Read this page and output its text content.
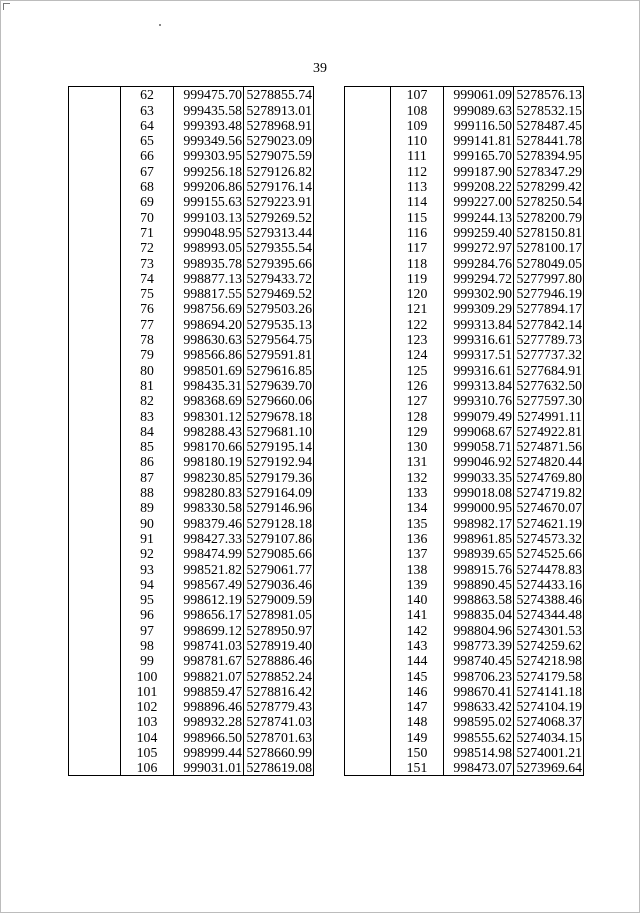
39
	62	999475.70	5278855.74
	63	999435.58	5278913.01
	64	999393.48	5278968.91
	65	999349.56	5279023.09
	66	999303.95	5279075.59
	67	999256.18	5279126.82
	68	999206.86	5279176.14
	69	999155.63	5279223.91
	70	999103.13	5279269.52
	71	999048.95	5279313.44
	72	998993.05	5279355.54
	73	998935.78	5279395.66
	74	998877.13	5279433.72
	75	998817.55	5279469.52
	76	998756.69	5279503.26
	77	998694.20	5279535.13
	78	998630.63	5279564.75
	79	998566.86	5279591.81
	80	998501.69	5279616.85
	81	998435.31	5279639.70
	82	998368.69	5279660.06
	83	998301.12	5279678.18
	84	998288.43	5279681.10
	85	998170.66	5279195.14
	86	998180.19	5279192.94
	87	998230.85	5279179.36
	88	998280.83	5279164.09
	89	998330.58	5279146.96
	90	998379.46	5279128.18
	91	998427.33	5279107.86
	92	998474.99	5279085.66
	93	998521.82	5279061.77
	94	998567.49	5279036.46
	95	998612.19	5279009.59
	96	998656.17	5278981.05
	97	998699.12	5278950.97
	98	998741.03	5278919.40
	99	998781.67	5278886.46
	100	998821.07	5278852.24
	101	998859.47	5278816.42
	102	998896.46	5278779.43
	103	998932.28	5278741.03
	104	998966.50	5278701.63
	105	998999.44	5278660.99
	106	999031.01	5278619.08
	107	999061.09	5278576.13
	108	999089.63	5278532.15
	109	999116.50	5278487.45
	110	999141.81	5278441.78
	111	999165.70	5278394.95
	112	999187.90	5278347.29
	113	999208.22	5278299.42
	114	999227.00	5278250.54
	115	999244.13	5278200.79
	116	999259.40	5278150.81
	117	999272.97	5278100.17
	118	999284.76	5278049.05
	119	999294.72	5277997.80
	120	999302.90	5277946.19
	121	999309.29	5277894.17
	122	999313.84	5277842.14
	123	999316.61	5277789.73
	124	999317.51	5277737.32
	125	999316.61	5277684.91
	126	999313.84	5277632.50
	127	999310.76	5277597.30
	128	999079.49	5274991.11
	129	999068.67	5274922.81
	130	999058.71	5274871.56
	131	999046.92	5274820.44
	132	999033.35	5274769.80
	133	999018.08	5274719.82
	134	999000.95	5274670.07
	135	998982.17	5274621.19
	136	998961.85	5274573.32
	137	998939.65	5274525.66
	138	998915.76	5274478.83
	139	998890.45	5274433.16
	140	998863.58	5274388.46
	141	998835.04	5274344.48
	142	998804.96	5274301.53
	143	998773.39	5274259.62
	144	998740.45	5274218.98
	145	998706.23	5274179.58
	146	998670.41	5274141.18
	147	998633.42	5274104.19
	148	998595.02	5274068.37
	149	998555.62	5274034.15
	150	998514.98	5274001.21
	151	998473.07	5273969.64
